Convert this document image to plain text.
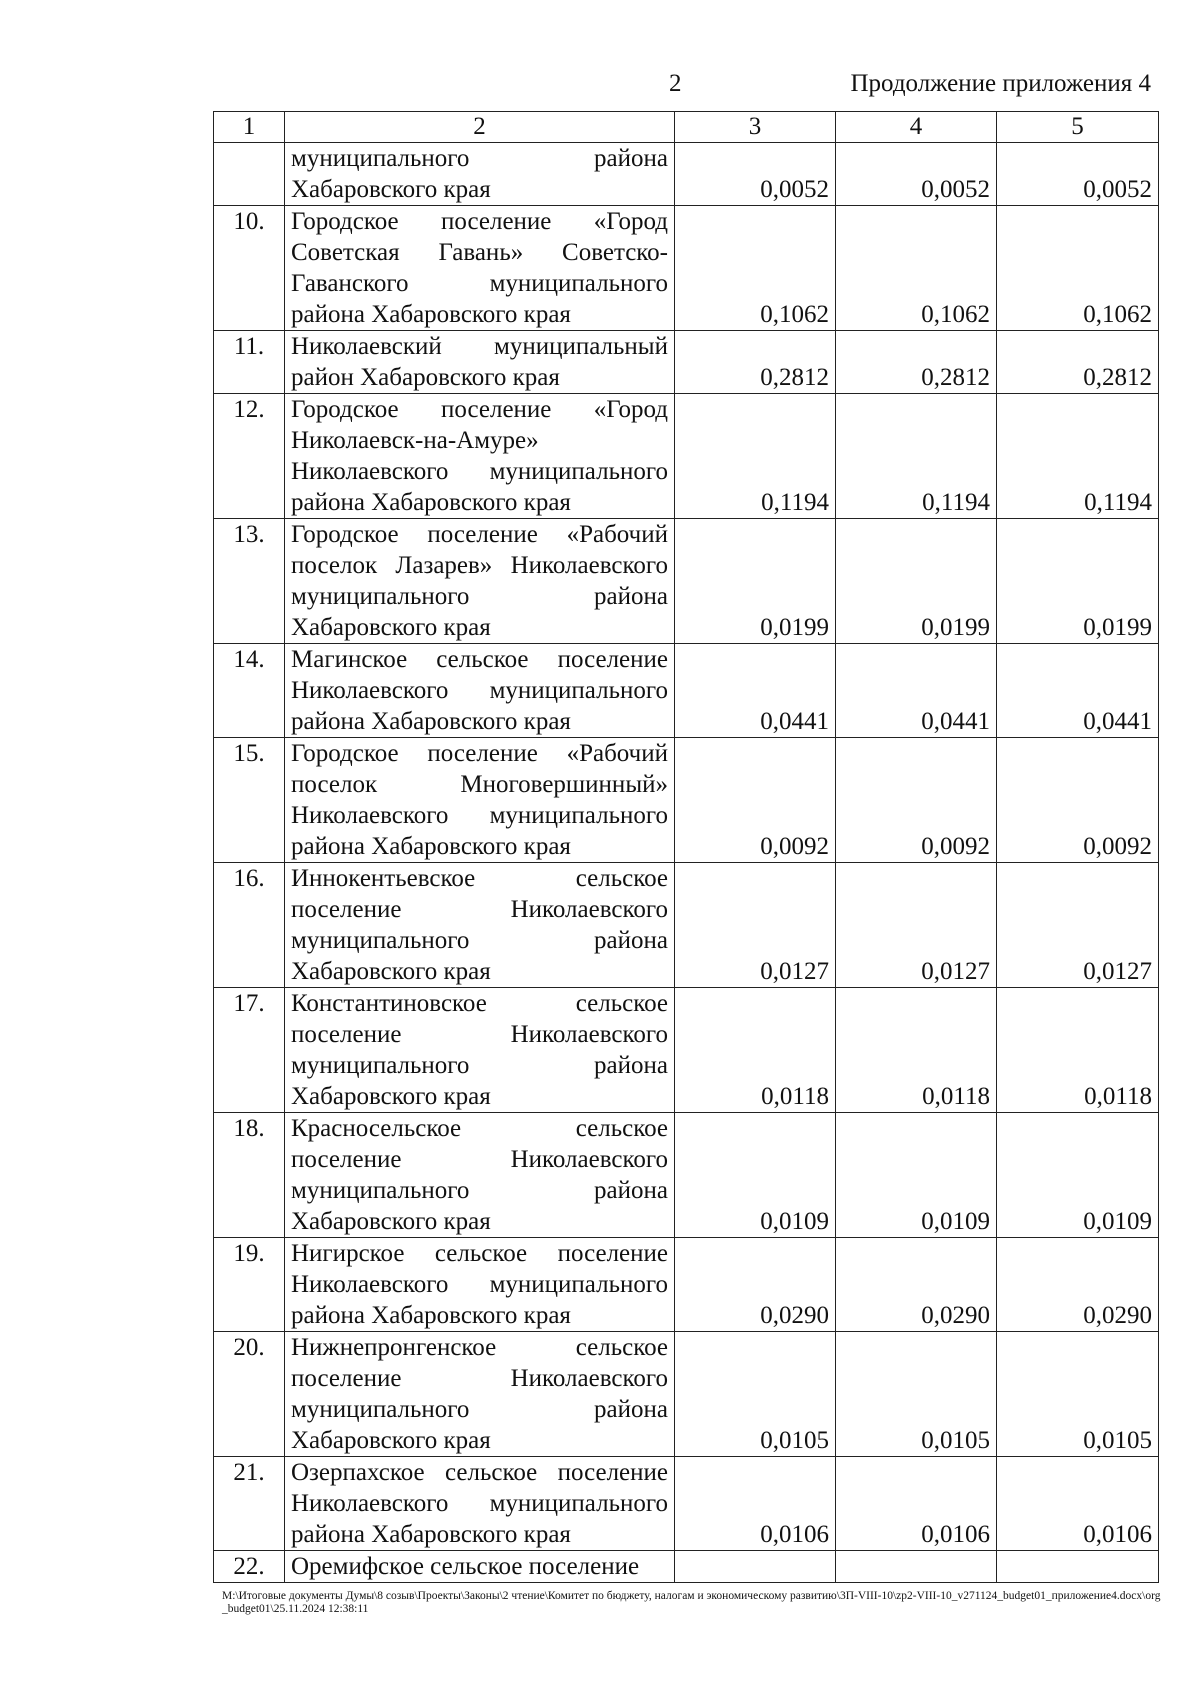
2	Продолжение приложения 4
1	2	3	4	5
	муниципального района Хабаровского края	0,0052	0,0052	0,0052
10.	Городское поселение «Город Советская Гавань» Советско-Гаванского муниципального района Хабаровского края	0,1062	0,1062	0,1062
11.	Николаевский муниципальный район Хабаровского края	0,2812	0,2812	0,2812
12.	Городское поселение «Город Николаевск-на-Амуре» Николаевского муниципального района Хабаровского края	0,1194	0,1194	0,1194
13.	Городское поселение «Рабочий поселок Лазарев» Николаевского муниципального района Хабаровского края	0,0199	0,0199	0,0199
14.	Магинское сельское поселение Николаевского муниципального района Хабаровского края	0,0441	0,0441	0,0441
15.	Городское поселение «Рабочий поселок Многовершинный» Николаевского муниципального района Хабаровского края	0,0092	0,0092	0,0092
16.	Иннокентьевское сельское поселение Николаевского муниципального района Хабаровского края	0,0127	0,0127	0,0127
17.	Константиновское сельское поселение Николаевского муниципального района Хабаровского края	0,0118	0,0118	0,0118
18.	Красносельское сельское поселение Николаевского муниципального района Хабаровского края	0,0109	0,0109	0,0109
19.	Нигирское сельское поселение Николаевского муниципального района Хабаровского края	0,0290	0,0290	0,0290
20.	Нижнепронгенское сельское поселение Николаевского муниципального района Хабаровского края	0,0105	0,0105	0,0105
21.	Озерпахское сельское поселение Николаевского муниципального района Хабаровского края	0,0106	0,0106	0,0106
22.	Оремифское сельское поселение			
M:\Итоговые документы Думы\8 созыв\Проекты\Законы\2 чтение\Комитет по бюджету, налогам и экономическому развитию\3П-VIII-10\zp2-VIII-10_v271124_budget01_приложение4.docx\org_budget01\25.11.2024 12:38:11
